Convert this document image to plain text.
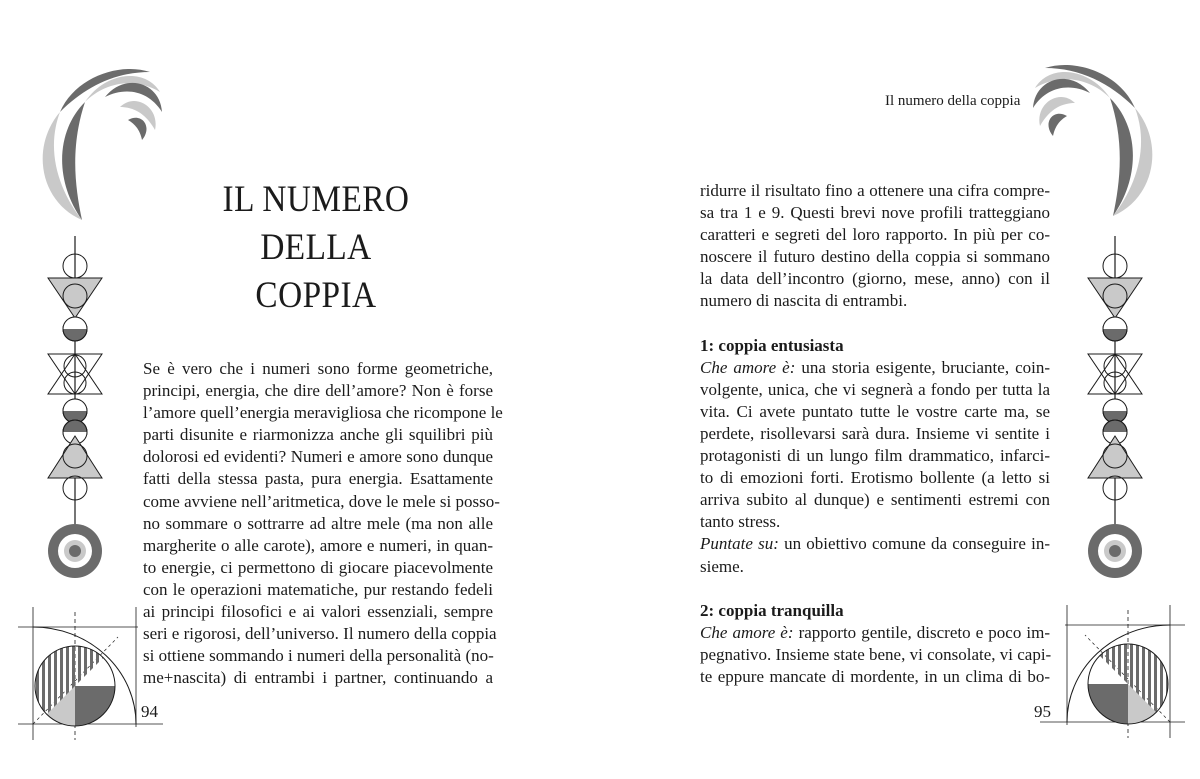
IL NUMERO
DELLA COPPIA
Se è vero che i numeri sono forme geometriche,
principi, energia, che dire dell’amore? Non è forse
l’amore quell’energia meravigliosa che ricompone le
parti disunite e riarmonizza anche gli squilibri più
dolorosi ed evidenti? Numeri e amore sono dunque
fatti della stessa pasta, pura energia. Esattamente
come avviene nell’aritmetica, dove le mele si posso-
no sommare o sottrarre ad altre mele (ma non alle
margherite o alle carote), amore e numeri, in quan-
to energie, ci permettono di giocare piacevolmente
con le operazioni matematiche, pur restando fedeli
ai principi filosofici e ai valori essenziali, sempre
seri e rigorosi, dell’universo. Il numero della coppia
si ottiene sommando i numeri della personalità (no-
me+nascita) di entrambi i partner, continuando a
94
Il numero della coppia
ridurre il risultato fino a ottenere una cifra compre-
sa tra 1 e 9. Questi brevi nove profili tratteggiano
caratteri e segreti del loro rapporto. In più per co-
noscere il futuro destino della coppia si sommano
la data dell’incontro (giorno, mese, anno) con il
numero di nascita di entrambi.
1: coppia entusiasta
Che amore è: una storia esigente, bruciante, coin-
volgente, unica, che vi segnerà a fondo per tutta la
vita. Ci avete puntato tutte le vostre carte ma, se
perdete, risollevarsi sarà dura. Insieme vi sentite i
protagonisti di un lungo film drammatico, infarci-
to di emozioni forti. Erotismo bollente (a letto si
arriva subito al dunque) e sentimenti estremi con
tanto stress.
Puntate su: un obiettivo comune da conseguire in-
sieme.
2: coppia tranquilla
Che amore è: rapporto gentile, discreto e poco im-
pegnativo. Insieme state bene, vi consolate, vi capi-
te eppure mancate di mordente, in un clima di bo-
95
